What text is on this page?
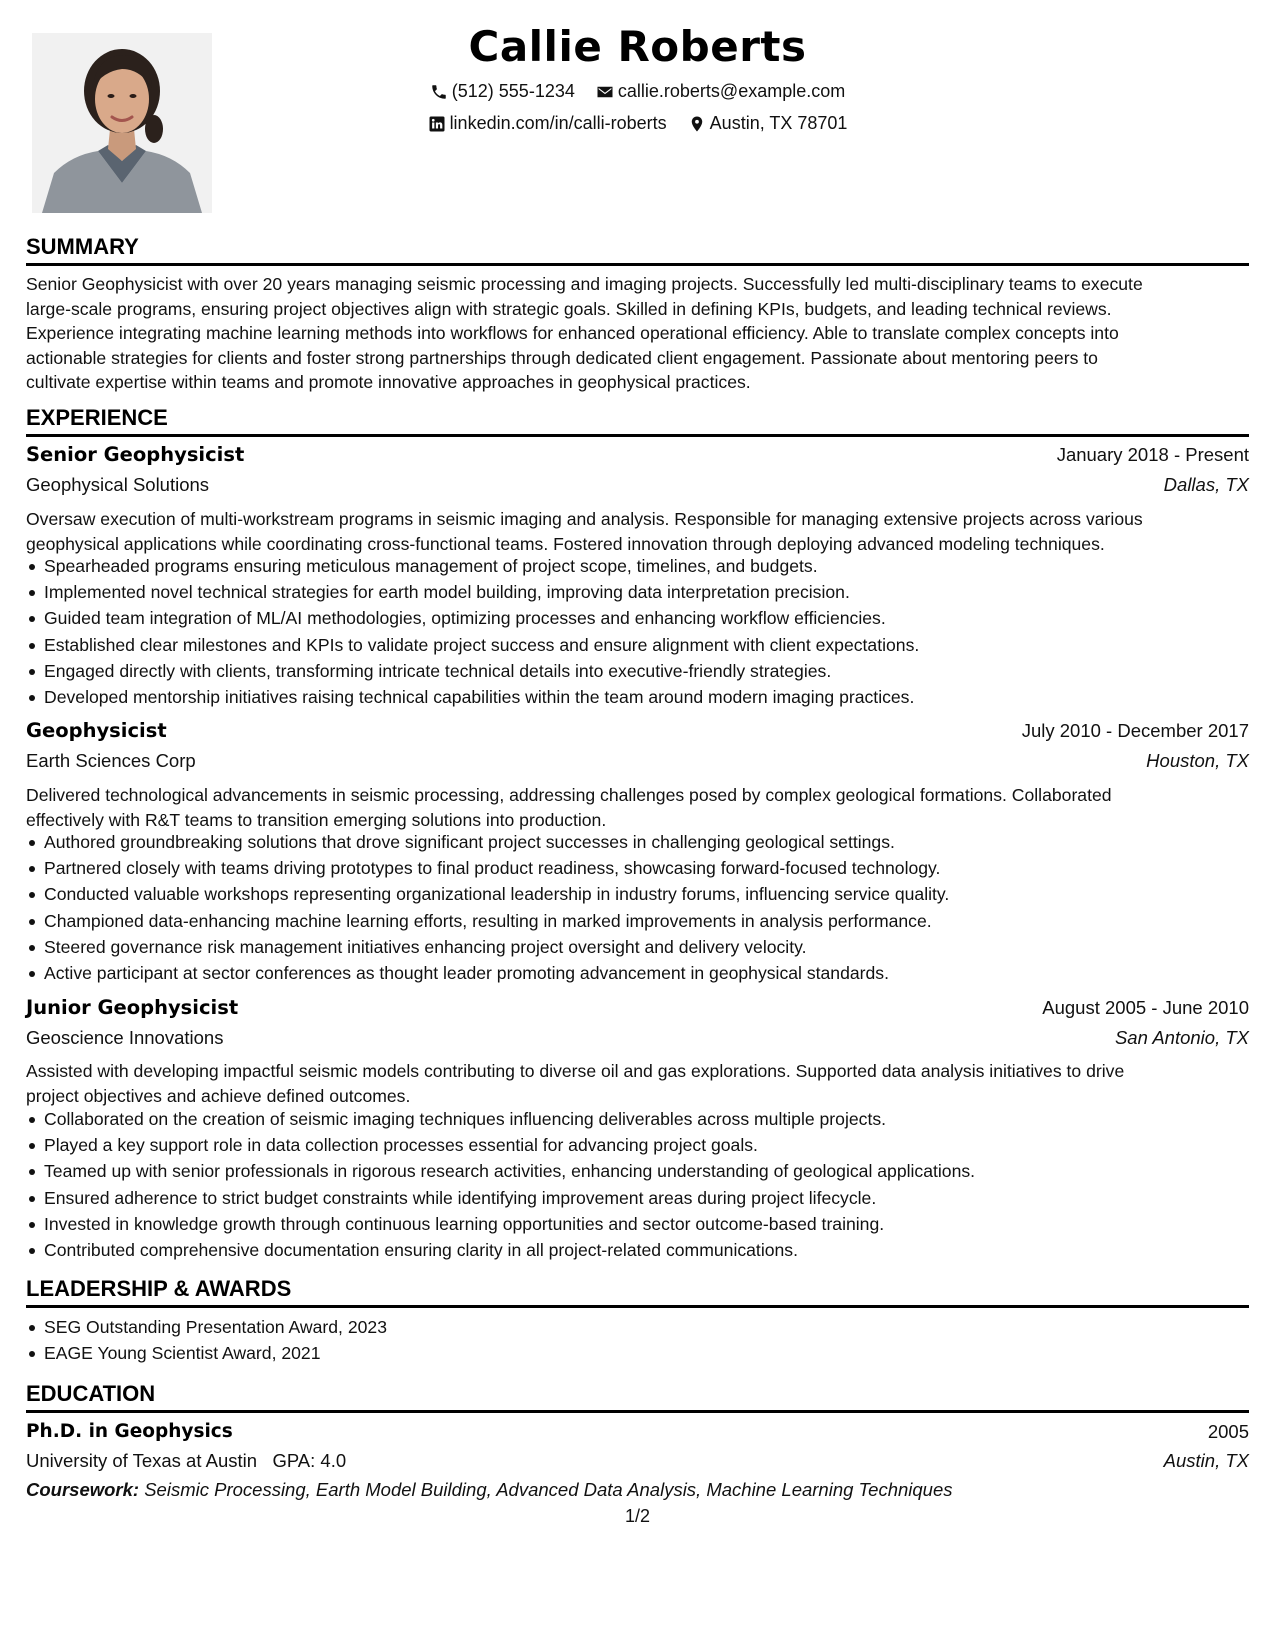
Callie Roberts
(512) 555-1234
callie.roberts@example.com
linkedin.com/in/calli-roberts
Austin, TX 78701
SUMMARY
Senior Geophysicist with over 20 years managing seismic processing and imaging projects. Successfully led multi-disciplinary teams to execute
large-scale programs, ensuring project objectives align with strategic goals. Skilled in defining KPIs, budgets, and leading technical reviews.
Experience integrating machine learning methods into workflows for enhanced operational efficiency. Able to translate complex concepts into
actionable strategies for clients and foster strong partnerships through dedicated client engagement. Passionate about mentoring peers to
cultivate expertise within teams and promote innovative approaches in geophysical practices.
EXPERIENCE
Senior Geophysicist	January 2018 - Present
Geophysical Solutions	Dallas, TX
Oversaw execution of multi-workstream programs in seismic imaging and analysis. Responsible for managing extensive projects across various
geophysical applications while coordinating cross-functional teams. Fostered innovation through deploying advanced modeling techniques.
Spearheaded programs ensuring meticulous management of project scope, timelines, and budgets.
Implemented novel technical strategies for earth model building, improving data interpretation precision.
Guided team integration of ML/AI methodologies, optimizing processes and enhancing workflow efficiencies.
Established clear milestones and KPIs to validate project success and ensure alignment with client expectations.
Engaged directly with clients, transforming intricate technical details into executive-friendly strategies.
Developed mentorship initiatives raising technical capabilities within the team around modern imaging practices.
Geophysicist	July 2010 - December 2017
Earth Sciences Corp	Houston, TX
Delivered technological advancements in seismic processing, addressing challenges posed by complex geological formations. Collaborated
effectively with R&T teams to transition emerging solutions into production.
Authored groundbreaking solutions that drove significant project successes in challenging geological settings.
Partnered closely with teams driving prototypes to final product readiness, showcasing forward-focused technology.
Conducted valuable workshops representing organizational leadership in industry forums, influencing service quality.
Championed data-enhancing machine learning efforts, resulting in marked improvements in analysis performance.
Steered governance risk management initiatives enhancing project oversight and delivery velocity.
Active participant at sector conferences as thought leader promoting advancement in geophysical standards.
Junior Geophysicist	August 2005 - June 2010
Geoscience Innovations	San Antonio, TX
Assisted with developing impactful seismic models contributing to diverse oil and gas explorations. Supported data analysis initiatives to drive
project objectives and achieve defined outcomes.
Collaborated on the creation of seismic imaging techniques influencing deliverables across multiple projects.
Played a key support role in data collection processes essential for advancing project goals.
Teamed up with senior professionals in rigorous research activities, enhancing understanding of geological applications.
Ensured adherence to strict budget constraints while identifying improvement areas during project lifecycle.
Invested in knowledge growth through continuous learning opportunities and sector outcome-based training.
Contributed comprehensive documentation ensuring clarity in all project-related communications.
LEADERSHIP & AWARDS
SEG Outstanding Presentation Award, 2023
EAGE Young Scientist Award, 2021
EDUCATION
Ph.D. in Geophysics	2005
University of Texas at Austin GPA: 4.0	Austin, TX
Coursework: Seismic Processing, Earth Model Building, Advanced Data Analysis, Machine Learning Techniques
1/2
